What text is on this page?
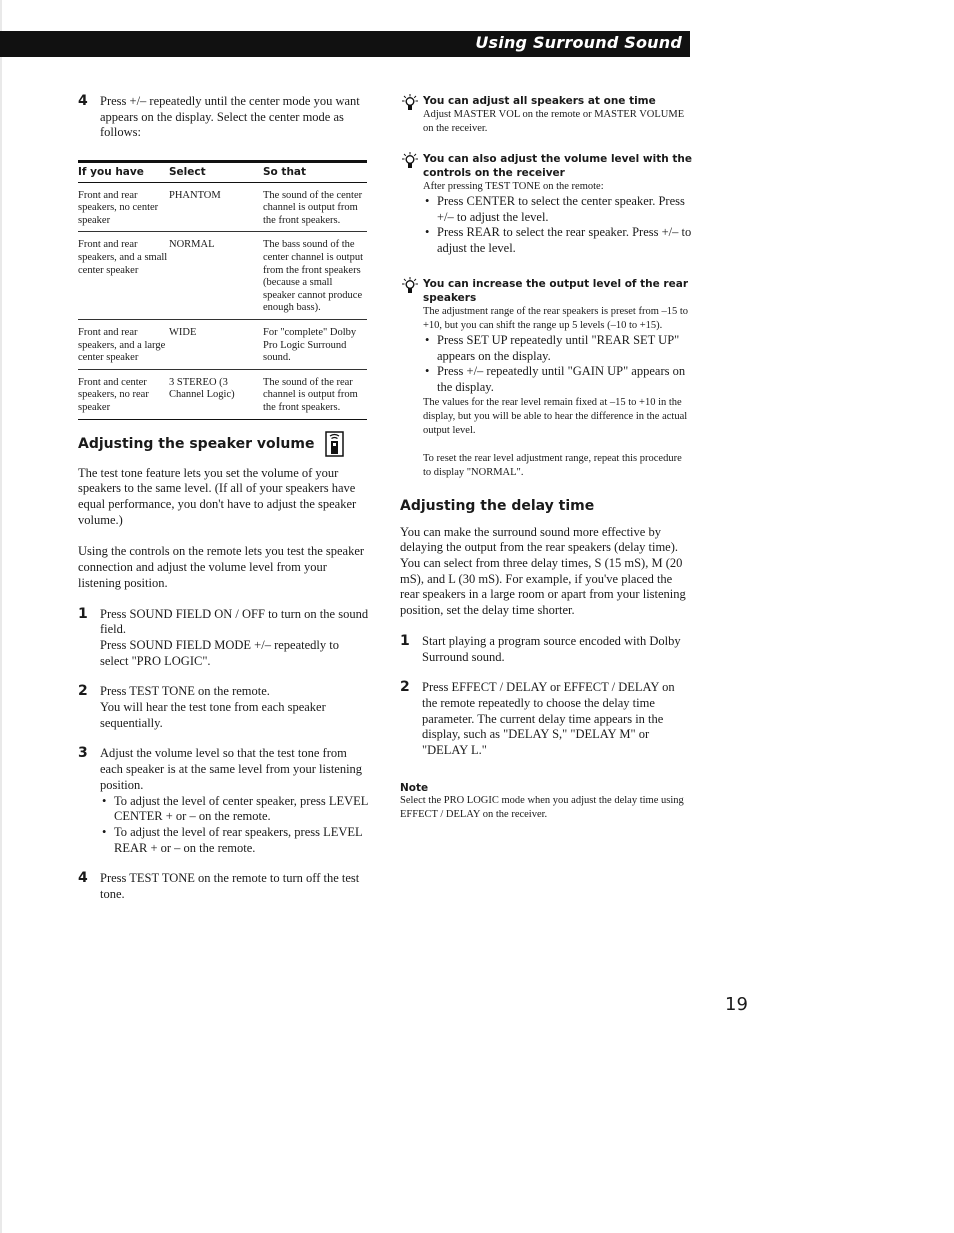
Using Surround Sound
4 Press +/– repeatedly until the center mode you want appears on the display. Select the center mode as follows:

If you have	Select	So that
Front and rear speakers, no center speaker	PHANTOM	The sound of the center channel is output from the front speakers.
Front and rear speakers, and a small center speaker	NORMAL	The bass sound of the center channel is output from the front speakers (because a small speaker cannot produce enough bass).
Front and rear speakers, and a large center speaker	WIDE	For "complete" Dolby Pro Logic Surround sound.
Front and center speakers, no rear speaker	3 STEREO (3 Channel Logic)	The sound of the rear channel is output from the front speakers.
Adjusting the speaker volume

The test tone feature lets you set the volume of your speakers to the same level. (If all of your speakers have equal performance, you don't have to adjust the speaker volume.)

Using the controls on the remote lets you test the speaker connection and adjust the volume level from your listening position.

1 Press SOUND FIELD ON / OFF to turn on the sound field.

Press SOUND FIELD MODE +/– repeatedly to select "PRO LOGIC".

2 Press TEST TONE on the remote.

You will hear the test tone from each speaker sequentially.

3 Adjust the volume level so that the test tone from each speaker is at the same level from your listening position.

• To adjust the level of center speaker, press LEVEL CENTER + or – on the remote.
• To adjust the level of rear speakers, press LEVEL REAR + or – on the remote.
4 Press TEST TONE on the remote to turn off the test tone.

You can adjust all speakers at one time

Adjust MASTER VOL on the remote or MASTER VOLUME on the receiver.

You can also adjust the volume level with the controls on the receiver

After pressing TEST TONE on the remote:

• Press CENTER to select the center speaker. Press +/– to adjust the level.
• Press REAR to select the rear speaker. Press +/– to adjust the level.

You can increase the output level of the rear speakers

The adjustment range of the rear speakers is preset from –15 to +10, but you can shift the range up 5 levels (–10 to +15).

• Press SET UP repeatedly until "REAR SET UP" appears on the display.
• Press +/– repeatedly until "GAIN UP" appears on the display.

The values for the rear level remain fixed at –15 to +10 in the display, but you will be able to hear the difference in the actual output level.

To reset the rear level adjustment range, repeat this procedure to display "NORMAL".

Adjusting the delay time

You can make the surround sound more effective by delaying the output from the rear speakers (delay time). You can select from three delay times, S (15 mS), M (20 mS), and L (30 mS). For example, if you've placed the rear speakers in a large room or apart from your listening position, set the delay time shorter.

1 Start playing a program source encoded with Dolby Surround sound.

2 Press EFFECT / DELAY or EFFECT / DELAY on the remote repeatedly to choose the delay time parameter. The current delay time appears in the display, such as "DELAY S," "DELAY M" or "DELAY L."

Note

Select the PRO LOGIC mode when you adjust the delay time using EFFECT / DELAY on the receiver.

19
